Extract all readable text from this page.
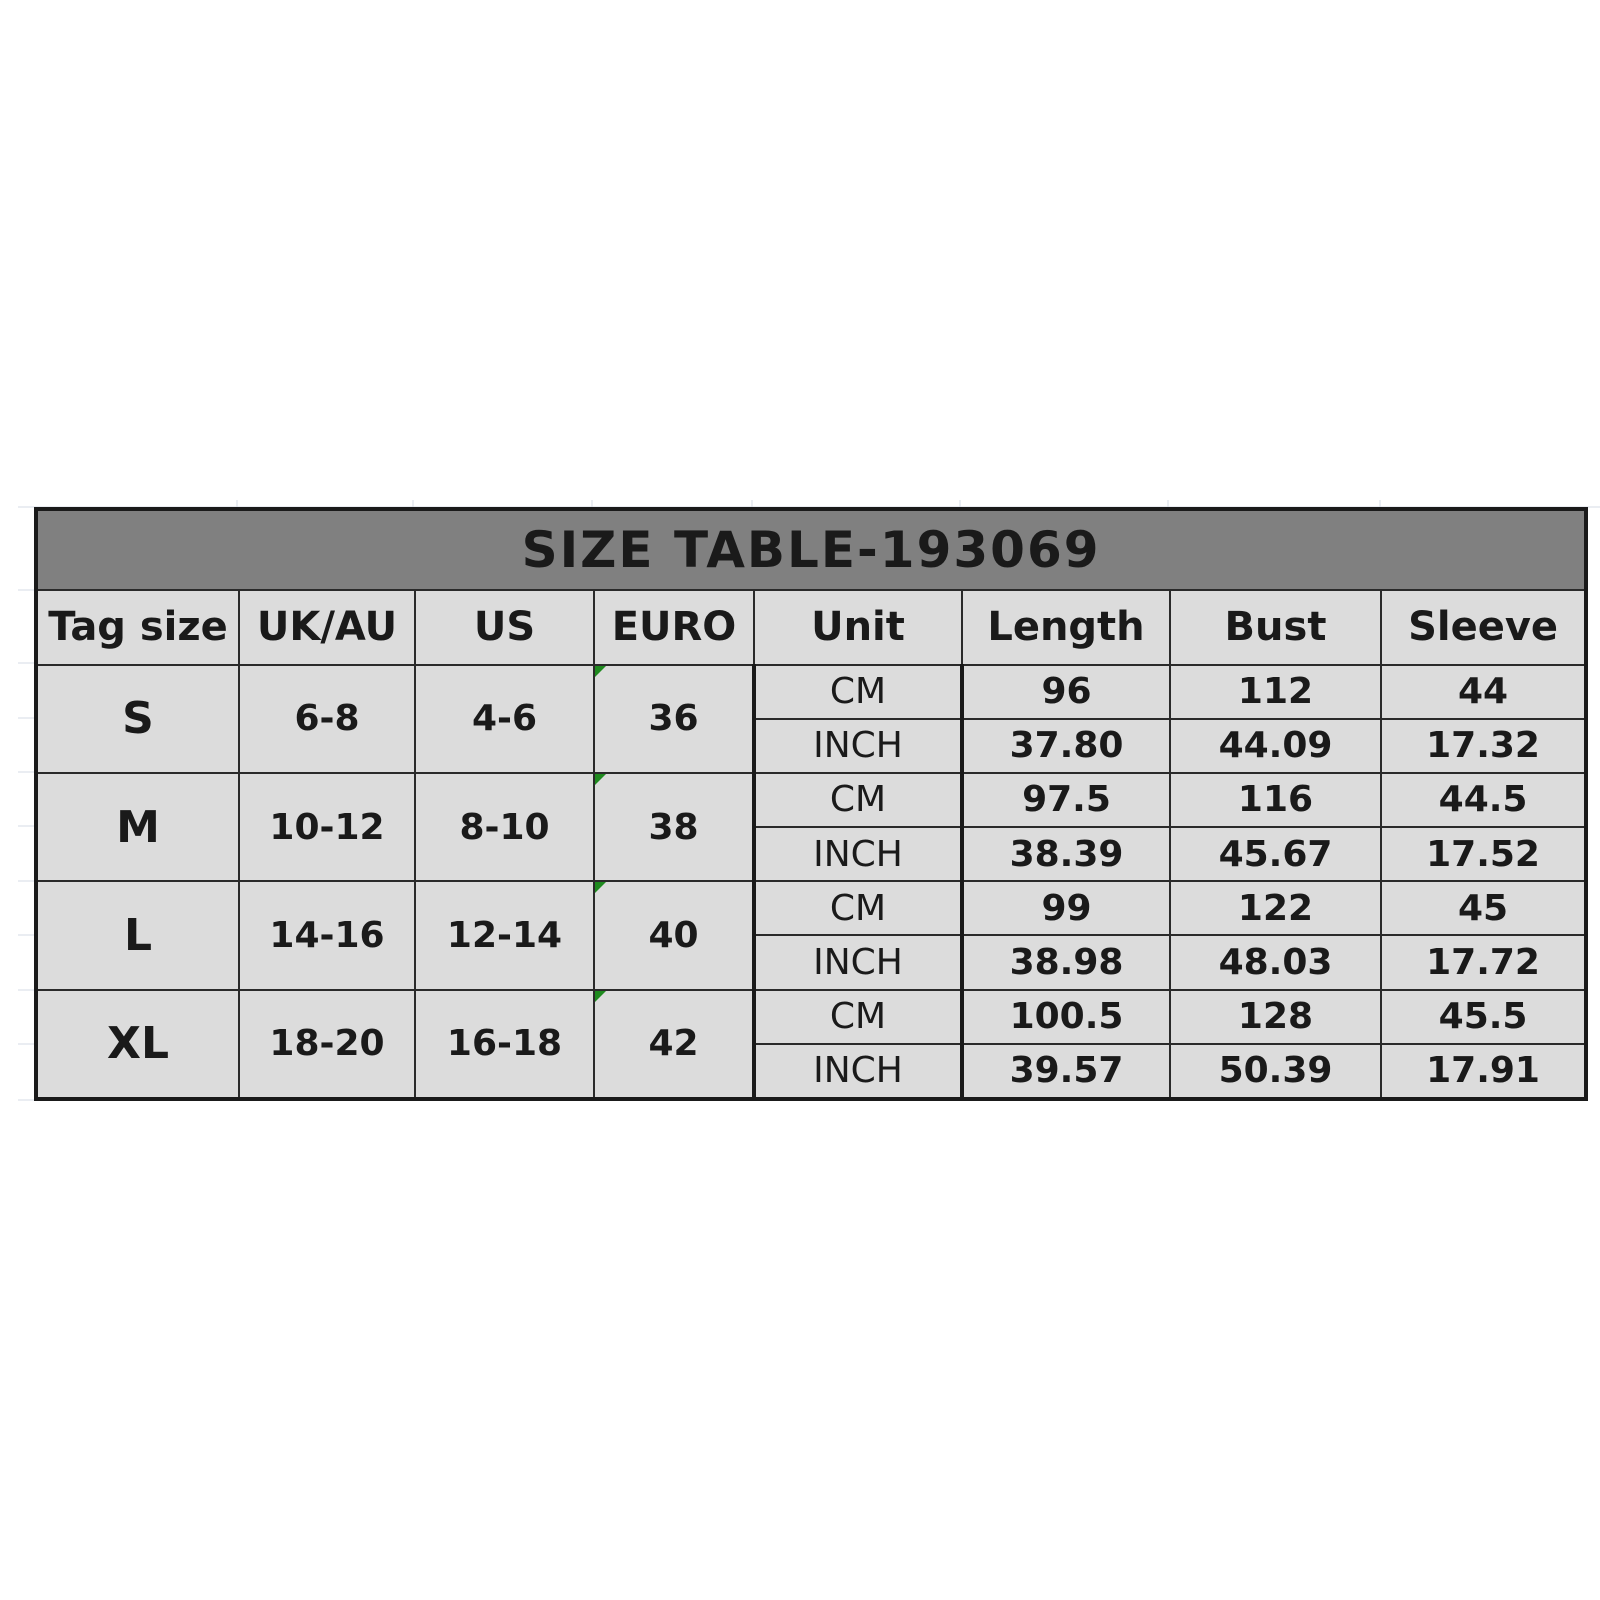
SIZE TABLE-193069							
Tag size	UK/AU	US	EURO	Unit	Length	Bust	Sleeve
S	6-8	4-6	36	CM	96	112	44
				INCH	37.80	44.09	17.32
M	10-12	8-10	38	CM	97.5	116	44.5
				INCH	38.39	45.67	17.52
L	14-16	12-14	40	CM	99	122	45
				INCH	38.98	48.03	17.72
XL	18-20	16-18	42	CM	100.5	128	45.5
				INCH	39.57	50.39	17.91
